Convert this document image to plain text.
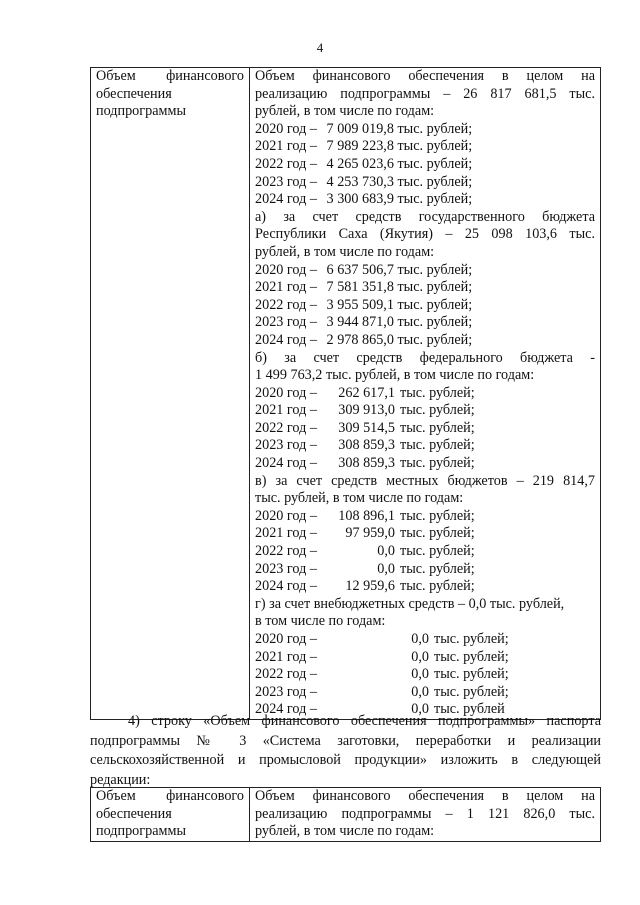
4
Объем финансового
обеспечения
подпрограммы

Объем финансового обеспечения в целом на
реализацию подпрограммы – 26 817 681,5 тыс.
рублей, в том числе по годам:
2020 год – 7 009 019,8 тыс. рублей;
2021 год – 7 989 223,8 тыс. рублей;
2022 год – 4 265 023,6 тыс. рублей;
2023 год – 4 253 730,3 тыс. рублей;
2024 год – 3 300 683,9 тыс. рублей;
а) за счет средств государственного бюджета
Республики Саха (Якутия) – 25 098 103,6 тыс.
рублей, в том числе по годам:
2020 год – 6 637 506,7 тыс. рублей;
2021 год – 7 581 351,8 тыс. рублей;
2022 год – 3 955 509,1 тыс. рублей;
2023 год – 3 944 871,0 тыс. рублей;
2024 год – 2 978 865,0 тыс. рублей;
б) за счет средств федерального бюджета -
1 499 763,2 тыс. рублей, в том числе по годам:
2020 год – 262 617,1 тыс. рублей;
2021 год – 309 913,0 тыс. рублей;
2022 год – 309 514,5 тыс. рублей;
2023 год – 308 859,3 тыс. рублей;
2024 год – 308 859,3 тыс. рублей;
в) за счет средств местных бюджетов – 219 814,7
тыс. рублей, в том числе по годам:
2020 год – 108 896,1 тыс. рублей;
2021 год – 97 959,0 тыс. рублей;
2022 год –	0,0 тыс. рублей;
2023 год –	0,0 тыс. рублей;
2024 год – 12 959,6 тыс. рублей;
г) за счет внебюджетных средств – 0,0 тыс. рублей,
в том числе по годам:
2020 год –	0,0 тыс. рублей;
2021 год –	0,0 тыс. рублей;
2022 год –	0,0 тыс. рублей;
2023 год –	0,0 тыс. рублей;
2024 год –	0,0 тыс. рублей
4) строку «Объем финансового обеспечения подпрограммы» паспорта
подпрограммы № 3 «Система заготовки, переработки и реализации
сельскохозяйственной и промысловой продукции» изложить в следующей
редакции:
Объем финансового
обеспечения
подпрограммы

Объем финансового обеспечения в целом на
реализацию подпрограммы – 1 121 826,0 тыс.
рублей, в том числе по годам:
